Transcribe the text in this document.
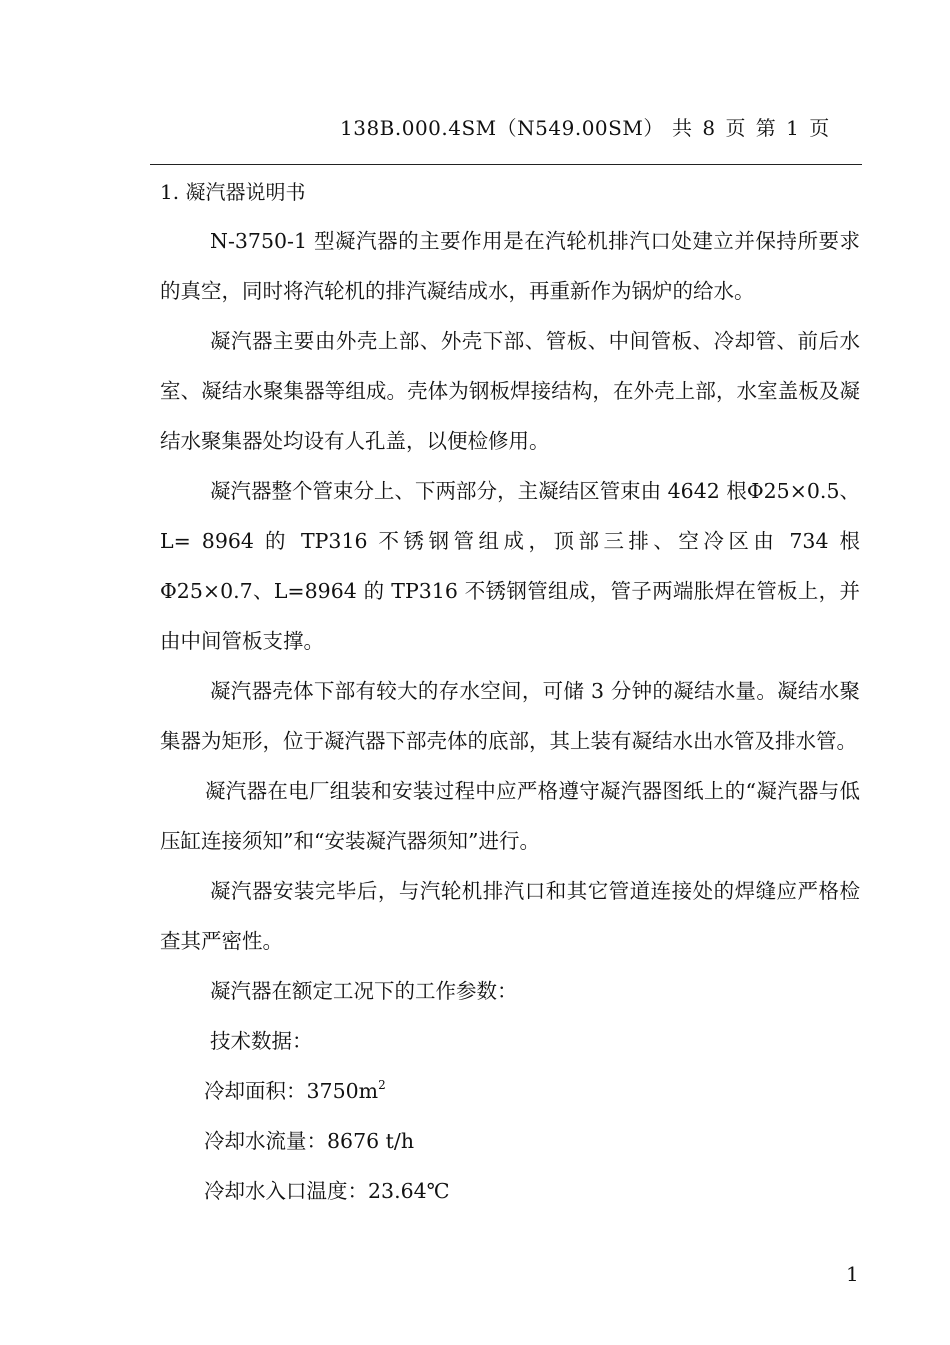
138B.000.4SM（N549.00SM） 共 8 页 第 1 页
1. 凝汽器说明书

N-3750-1 型凝汽器的主要作用是在汽轮机排汽口处建立并保持所要求的真空，同时将汽轮机的排汽凝结成水，再重新作为锅炉的给水。

凝汽器主要由外壳上部、外壳下部、管板、中间管板、冷却管、前后水室、凝结水聚集器等组成。壳体为钢板焊接结构，在外壳上部，水室盖板及凝结水聚集器处均设有人孔盖，以便检修用。

凝汽器整个管束分上、下两部分，主凝结区管束由 4642 根Φ25×0.5、L= 8964 的 TP316 不锈钢管组成，顶部三排、空冷区由 734 根Φ25×0.7、L=8964 的 TP316 不锈钢管组成，管子两端胀焊在管板上，并由中间管板支撑。

凝汽器壳体下部有较大的存水空间，可储 3 分钟的凝结水量。凝结水聚集器为矩形，位于凝汽器下部壳体的底部，其上装有凝结水出水管及排水管。

凝汽器在电厂组装和安装过程中应严格遵守凝汽器图纸上的“凝汽器与低压缸连接须知”和“安装凝汽器须知”进行。

凝汽器安装完毕后，与汽轮机排汽口和其它管道连接处的焊缝应严格检查其严密性。

凝汽器在额定工况下的工作参数：

技术数据：

冷却面积：$3750m^2$

冷却水流量：8676 t/h

冷却水入口温度：23.64℃

1
